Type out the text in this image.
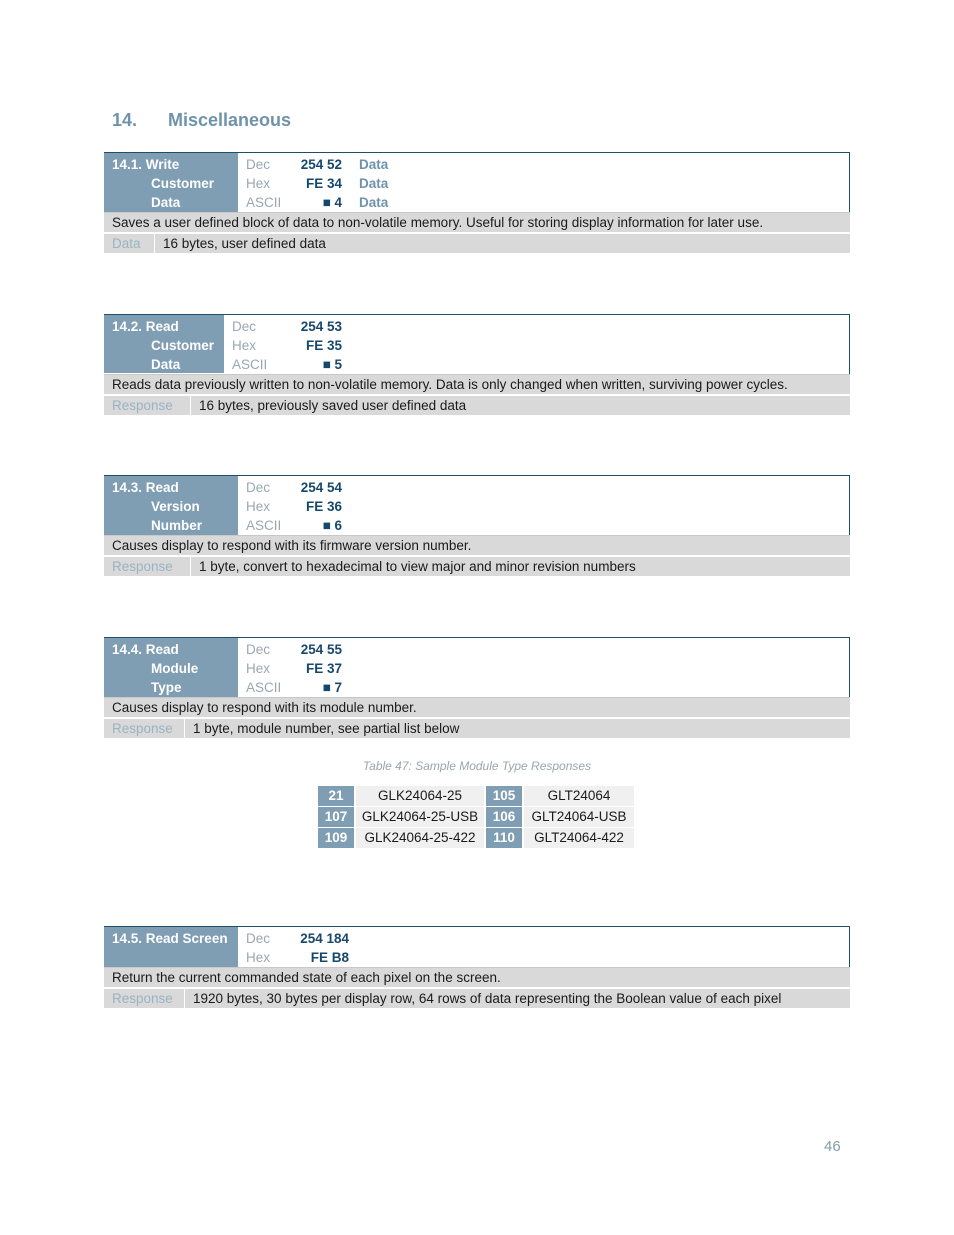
14. Miscellaneous
14.1. Write
Customer
Data
Dec	254 52	Data
Hex	FE 34	Data
ASCII	■ 4	Data
Saves a user defined block of data to non-volatile memory. Useful for storing display information for later use.
Data	16 bytes, user defined data
14.2. Read
Customer
Data
Dec	254 53
Hex	FE 35
ASCII	■ 5
Reads data previously written to non-volatile memory. Data is only changed when written, surviving power cycles.
Response	16 bytes, previously saved user defined data
14.3. Read
Version
Number
Dec	254 54
Hex	FE 36
ASCII	■ 6
Causes display to respond with its firmware version number.
Response	1 byte, convert to hexadecimal to view major and minor revision numbers
14.4. Read
Module
Type
Dec	254 55
Hex	FE 37
ASCII	■ 7
Causes display to respond with its module number.
Response	1 byte, module number, see partial list below
Table 47: Sample Module Type Responses
21	GLK24064-25	105	GLT24064
107	GLK24064-25-USB	106	GLT24064-USB
109	GLK24064-25-422	110	GLT24064-422
14.5. Read Screen	Dec	254 184
Hex	FE B8
Return the current commanded state of each pixel on the screen.
Response	1920 bytes, 30 bytes per display row, 64 rows of data representing the Boolean value of each pixel
46
